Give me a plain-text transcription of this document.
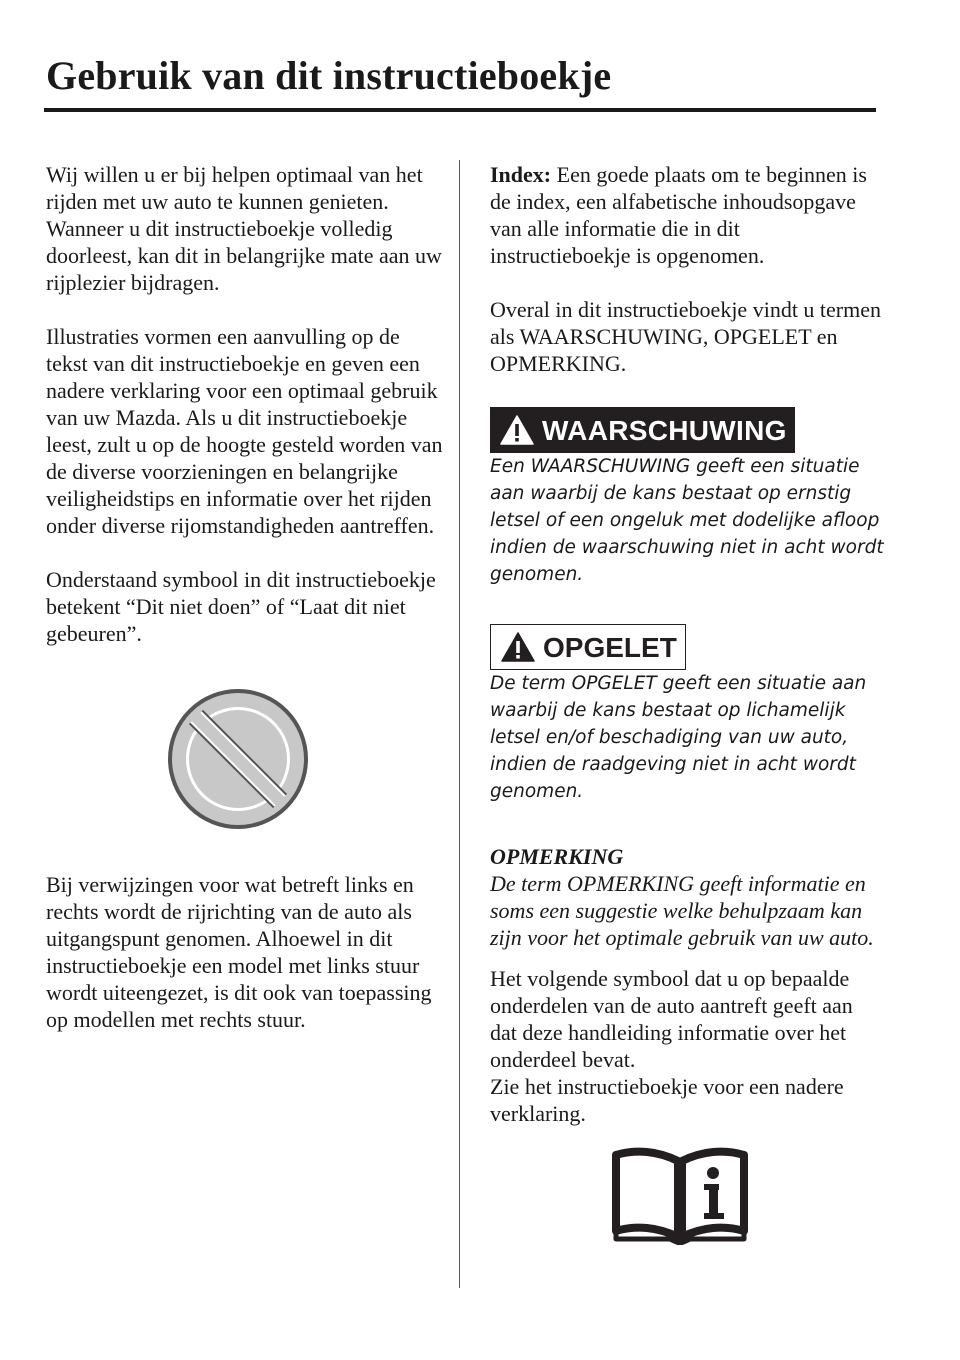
Gebruik van dit instructieboekje

Wij willen u er bij helpen optimaal van het rijden met uw auto te kunnen genieten. Wanneer u dit instructieboekje volledig doorleest, kan dit in belangrijke mate aan uw rijplezier bijdragen.

Illustraties vormen een aanvulling op de tekst van dit instructieboekje en geven een nadere verklaring voor een optimaal gebruik van uw Mazda. Als u dit instructieboekje leest, zult u op de hoogte gesteld worden van de diverse voorzieningen en belangrijke veiligheidstips en informatie over het rijden onder diverse rijomstandigheden aantreffen.

Onderstaand symbool in dit instructieboekje betekent “Dit niet doen” of “Laat dit niet gebeuren”.

Bij verwijzingen voor wat betreft links en rechts wordt de rijrichting van de auto als uitgangspunt genomen. Alhoewel in dit instructieboekje een model met links stuur wordt uiteengezet, is dit ook van toepassing op modellen met rechts stuur.

Index: Een goede plaats om te beginnen is de index, een alfabetische inhoudsopgave van alle informatie die in dit instructieboekje is opgenomen.

Overal in dit instructieboekje vindt u termen als WAARSCHUWING, OPGELET en OPMERKING.

WAARSCHUWING

Een WAARSCHUWING geeft een situatie aan waarbij de kans bestaat op ernstig letsel of een ongeluk met dodelijke afloop indien de waarschuwing niet in acht wordt genomen.

OPGELET

De term OPGELET geeft een situatie aan waarbij de kans bestaat op lichamelijk letsel en/of beschadiging van uw auto, indien de raadgeving niet in acht wordt genomen.

OPMERKING

De term OPMERKING geeft informatie en soms een suggestie welke behulpzaam kan zijn voor het optimale gebruik van uw auto.

Het volgende symbool dat u op bepaalde onderdelen van de auto aantreft geeft aan dat deze handleiding informatie over het onderdeel bevat.

Zie het instructieboekje voor een nadere verklaring.
